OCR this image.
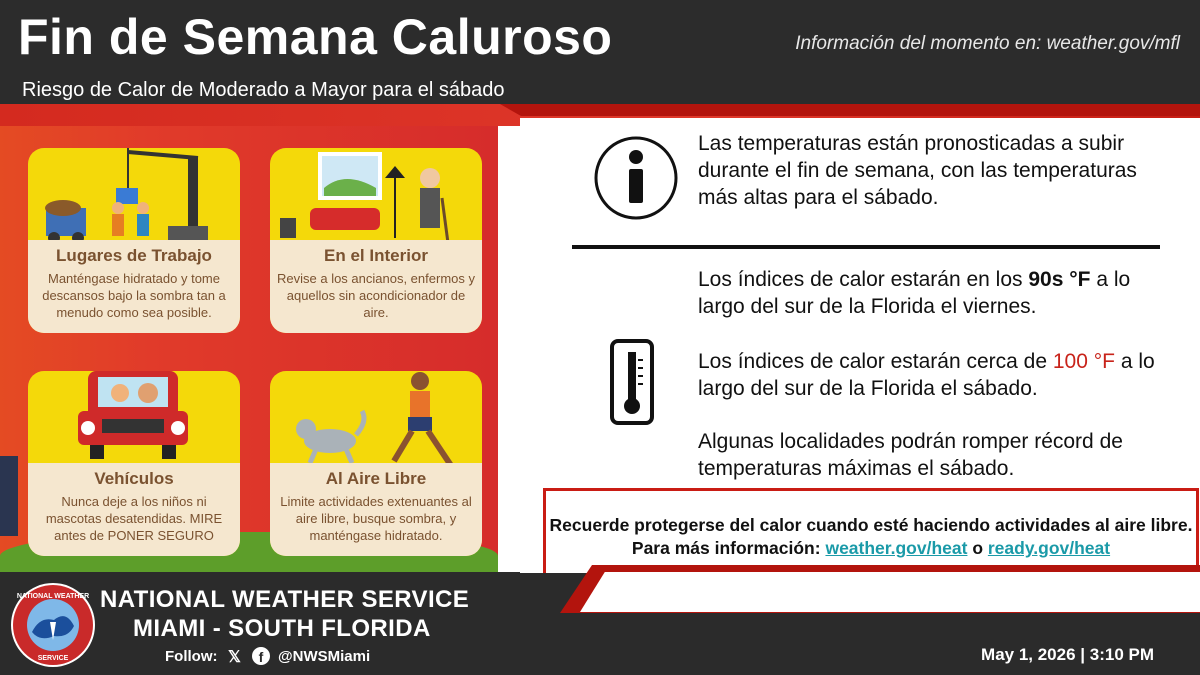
Fin de Semana Caluroso
Riesgo de Calor de Moderado a Mayor para el sábado
Información del momento en: weather.gov/mfl
Lugares de Trabajo
Manténgase hidratado y tome descansos bajo la sombra tan a menudo como sea posible.
En el Interior
Revise a los ancianos, enfermos y aquellos sin acondicionador de aire.
Vehículos
Nunca deje a los niños ni mascotas desatendidas. MIRE antes de PONER SEGURO
Al Aire Libre
Limite actividades extenuantes al aire libre, busque sombra, y manténgase hidratado.
Las temperaturas están pronosticadas a subir durante el fin de semana, con las temperaturas más altas para el sábado.
Los índices de calor estarán en los 90s °F a lo largo del sur de la Florida el viernes.
Los índices de calor estarán cerca de 100 °F a lo largo del sur de la Florida el sábado.
Algunas localidades podrán romper récord de temperaturas máximas el sábado.
Recuerde protegerse del calor cuando esté haciendo actividades al aire libre. Para más información: weather.gov/heat o ready.gov/heat
NATIONAL WEATHER
SERVICE
NATIONAL WEATHER SERVICE
MIAMI - SOUTH FLORIDA
Follow: 𝕏	f @NWSMiami	May 1, 2026 | 3:10 PM
